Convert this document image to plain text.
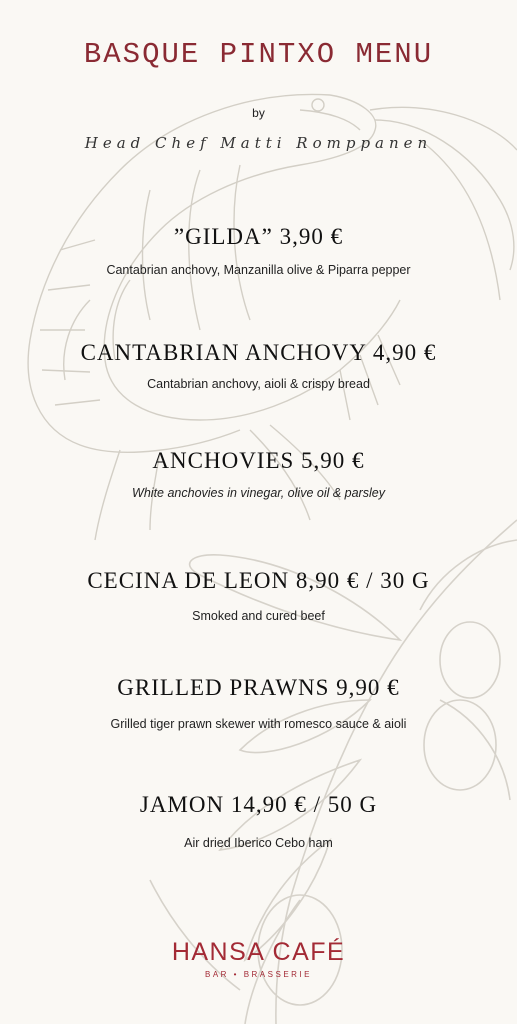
BASQUE PINTXO MENU
by
Head Chef Matti Romppanen
”GILDA” 3,90 €
Cantabrian anchovy, Manzanilla olive & Piparra pepper
CANTABRIAN ANCHOVY 4,90 €
Cantabrian anchovy, aioli & crispy bread
ANCHOVIES 5,90 €
White anchovies in vinegar, olive oil & parsley
CECINA DE LEON 8,90 € / 30 G
Smoked and cured beef
GRILLED PRAWNS 9,90 €
Grilled tiger prawn skewer with romesco sauce & aioli
JAMON 14,90 € / 50 G
Air dried Iberico Cebo ham
HANSA CAFÉ
BAR • BRASSERIE
